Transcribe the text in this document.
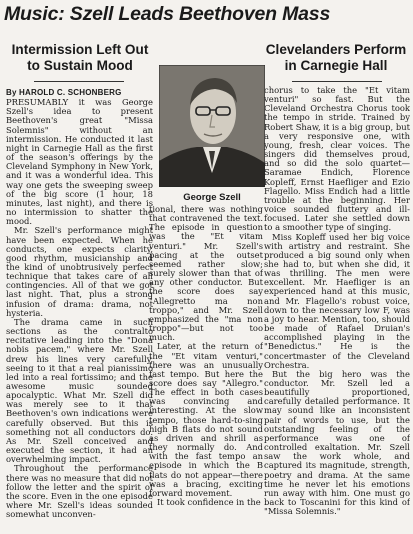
Music: Szell Leads Beethoven Mass
Intermission Left Out
to Sustain Mood
Clevelanders Perform
in Carnegie Hall
George Szell
By HAROLD C. SCHONBERG

PRESUMABLY it was George Szell's idea to present Beethoven's great "Missa Solemnis" without an intermission. He conducted it last night in Carnegie Hall as the first of the season's offerings by the Cleveland Symphony in New York, and it was a wonderful idea. This way one gets the sweeping sweep of the big score (1 hour, 18 minutes, last night), and there is no intermission to shatter the mood.

Mr. Szell's performance might have been expected. When he conducts, one expects clarity, good rhythm, musicianship and the kind of unobtrusively perfect technique that takes care of all contingencies. All of that we got last night. That, plus a strong infusion of drama: drama, not hysteria.

The drama came in such sections as the contralto recitative leading into the "Dona nobis pacem," where Mr. Szell drew his lines very carefully, seeing to it that a real pianissimo led into a real fortissimo; and the awesome music sounded apocalyptic. What Mr. Szell did was merely see to it that Beethoven's own indications were carefully observed. But this is something not all conductors do. As Mr. Szell conceived and executed the section, it had an overwhelming impact.

Throughout the performance there was no measure that did not follow the letter and the spirit of the score. Even in the one episode where Mr. Szell's ideas sounded somewhat unconven-

tional, there was nothing that contravened the text. The episode in question was the "Et vitam venturi." Mr. Szell's pacing at the outset seemed rather slow; surely slower than that of any other conductor. But the score does say "Allegretto ma non troppo," and Mr. Szell emphasized the "ma non troppo"—but not too much.

Later, at the return of the "Et vitam venturi," there was an unusually fast tempo. But here the score does say "Allegro." The effect in both cases was convincing and interesting. At the slow tempo, those hard-to-sing high B flats do not sound as driven and shrill as they normally do. And with the fast tempo an episode in which the B flats do not appear—there was a bracing, exciting forward movement.

It took confidence in the

chorus to take the "Et vitam venturi" so fast. But the Cleveland Orchestra Chorus took the tempo in stride. Trained by Robert Shaw, it is a big group, but a very responsive one, with young, fresh, clear voices. The singers did themselves proud, and so did the solo quartet—Saramae Endich, Florence Kopleff, Ernst Haefliger and Ezio Flagello. Miss Endich had a little trouble at the beginning. Her voice sounded fluttery and ill-focused. Later she settled down to a smoother type of singing.

Miss Kopleff used her big voice with artistry and restraint. She produced a big sound only when she had to, but when she did, it was thrilling. The men were excellent. Mr. Haefliger is an experienced hand at this music, and Mr. Flagello's robust voice, down to the necessary low F, was a joy to hear. Mention, too, should be made of Rafael Druian's accomplished playing in the "Benedictus." He is the concertmaster of the Cleveland Orchestra.

But the big hero was the conductor. Mr. Szell led a beautifully proportioned, carefully detailed performance. It may sound like an inconsistent pair of words to use, but the outstanding feeling of the performance was one of controlled exaltation. Mr. Szell saw the work whole, and captured its magnitude, strength, poetry and drama. At the same time he never let his emotions run away with him. One must go back to Toscanini for this kind of "Missa Solemnis."
